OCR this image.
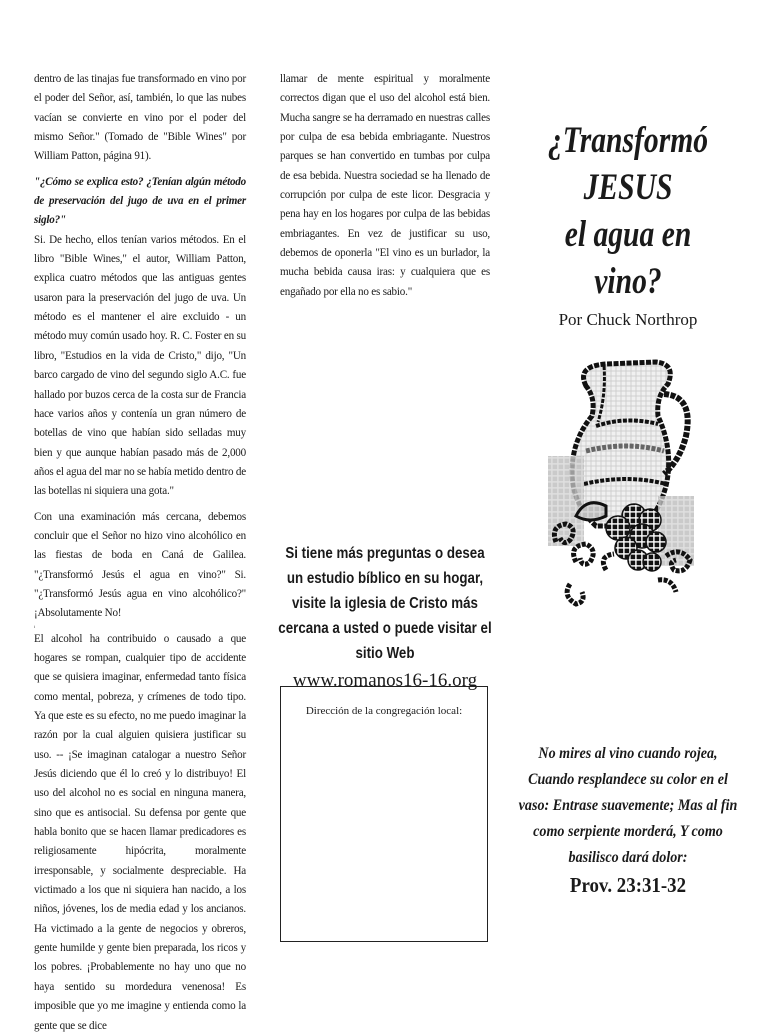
dentro de las tinajas fue transformado en vino por el poder del Señor, así, también, lo que las nubes vacían se convierte en vino por el poder del mismo Señor." (Tomado de "Bible Wines" por William Patton, página 91).

"¿Cómo se explica esto? ¿Tenían algún método de preservación del jugo de uva en el primer siglo?"

Si. De hecho, ellos tenían varios métodos. En el libro "Bible Wines," el autor, William Patton, explica cuatro métodos que las antiguas gentes usaron para la preservación del jugo de uva. Un método es el mantener el aire excluido - un método muy común usado hoy. R. C. Foster en su libro, "Estudios en la vida de Cristo," dijo, "Un barco cargado de vino del segundo siglo A.C. fue hallado por buzos cerca de la costa sur de Francia hace varios años y contenía un gran número de botellas de vino que habían sido selladas muy bien y que aunque habían pasado más de 2,000 años el agua del mar no se había metido dentro de las botellas ni siquiera una gota."

Con una examinación más cercana, debemos concluir que el Señor no hizo vino alcohólico en las fiestas de boda en Caná de Galilea. "¿Transformó Jesús el agua en vino?" Si. "¿Transformó Jesús agua en vino alcohólico?" ¡Absolutamente No!

i

El alcohol ha contribuido o causado a que hogares se rompan, cualquier tipo de accidente que se quisiera imaginar, enfermedad tanto física como mental, pobreza, y crímenes de todo tipo. Ya que este es su efecto, no me puedo imaginar la razón por la cual alguien quisiera justificar su uso. -- ¡Se imaginan catalogar a nuestro Señor Jesús diciendo que él lo creó y lo distribuyo! El uso del alcohol no es social en ninguna manera, sino que es antisocial. Su defensa por gente que habla bonito que se hacen llamar predicadores es religiosamente hipócrita, moralmente irresponsable, y socialmente despreciable. Ha victimado a los que ni siquiera han nacido, a los niños, jóvenes, los de media edad y los ancianos. Ha victimado a la gente de negocios y obreros, gente humilde y gente bien preparada, los ricos y los pobres. ¡Probablemente no hay uno que no haya sentido su mordedura venenosa! Es imposible que yo me imagine y entienda como la gente que se dice

llamar de mente espiritual y moralmente correctos digan que el uso del alcohol está bien. Mucha sangre se ha derramado en nuestras calles por culpa de esa bebida embriagante. Nuestros parques se han convertido en tumbas por culpa de esa bebida. Nuestra sociedad se ha llenado de corrupción por culpa de este licor. Desgracia y pena hay en los hogares por culpa de las bebidas embriagantes. En vez de justificar su uso, debemos de oponerla "El vino es un burlador, la mucha bebida causa iras: y cualquiera que es engañado por ella no es sabio."

Si tiene más preguntas o desea un estudio bíblico en su hogar, visite la iglesia de Cristo más cercana a usted o puede visitar el sitio Web

www.romanos16-16.org

Dirección de la congregación local:
¿Transformó
JESUS
el agua en vino?
Por Chuck Northrop
No mires al vino cuando rojea, Cuando resplandece su color en el vaso: Entrase suavemente; Mas al fin como serpiente morderá, Y como basilisco dará dolor:
Prov. 23:31-32
